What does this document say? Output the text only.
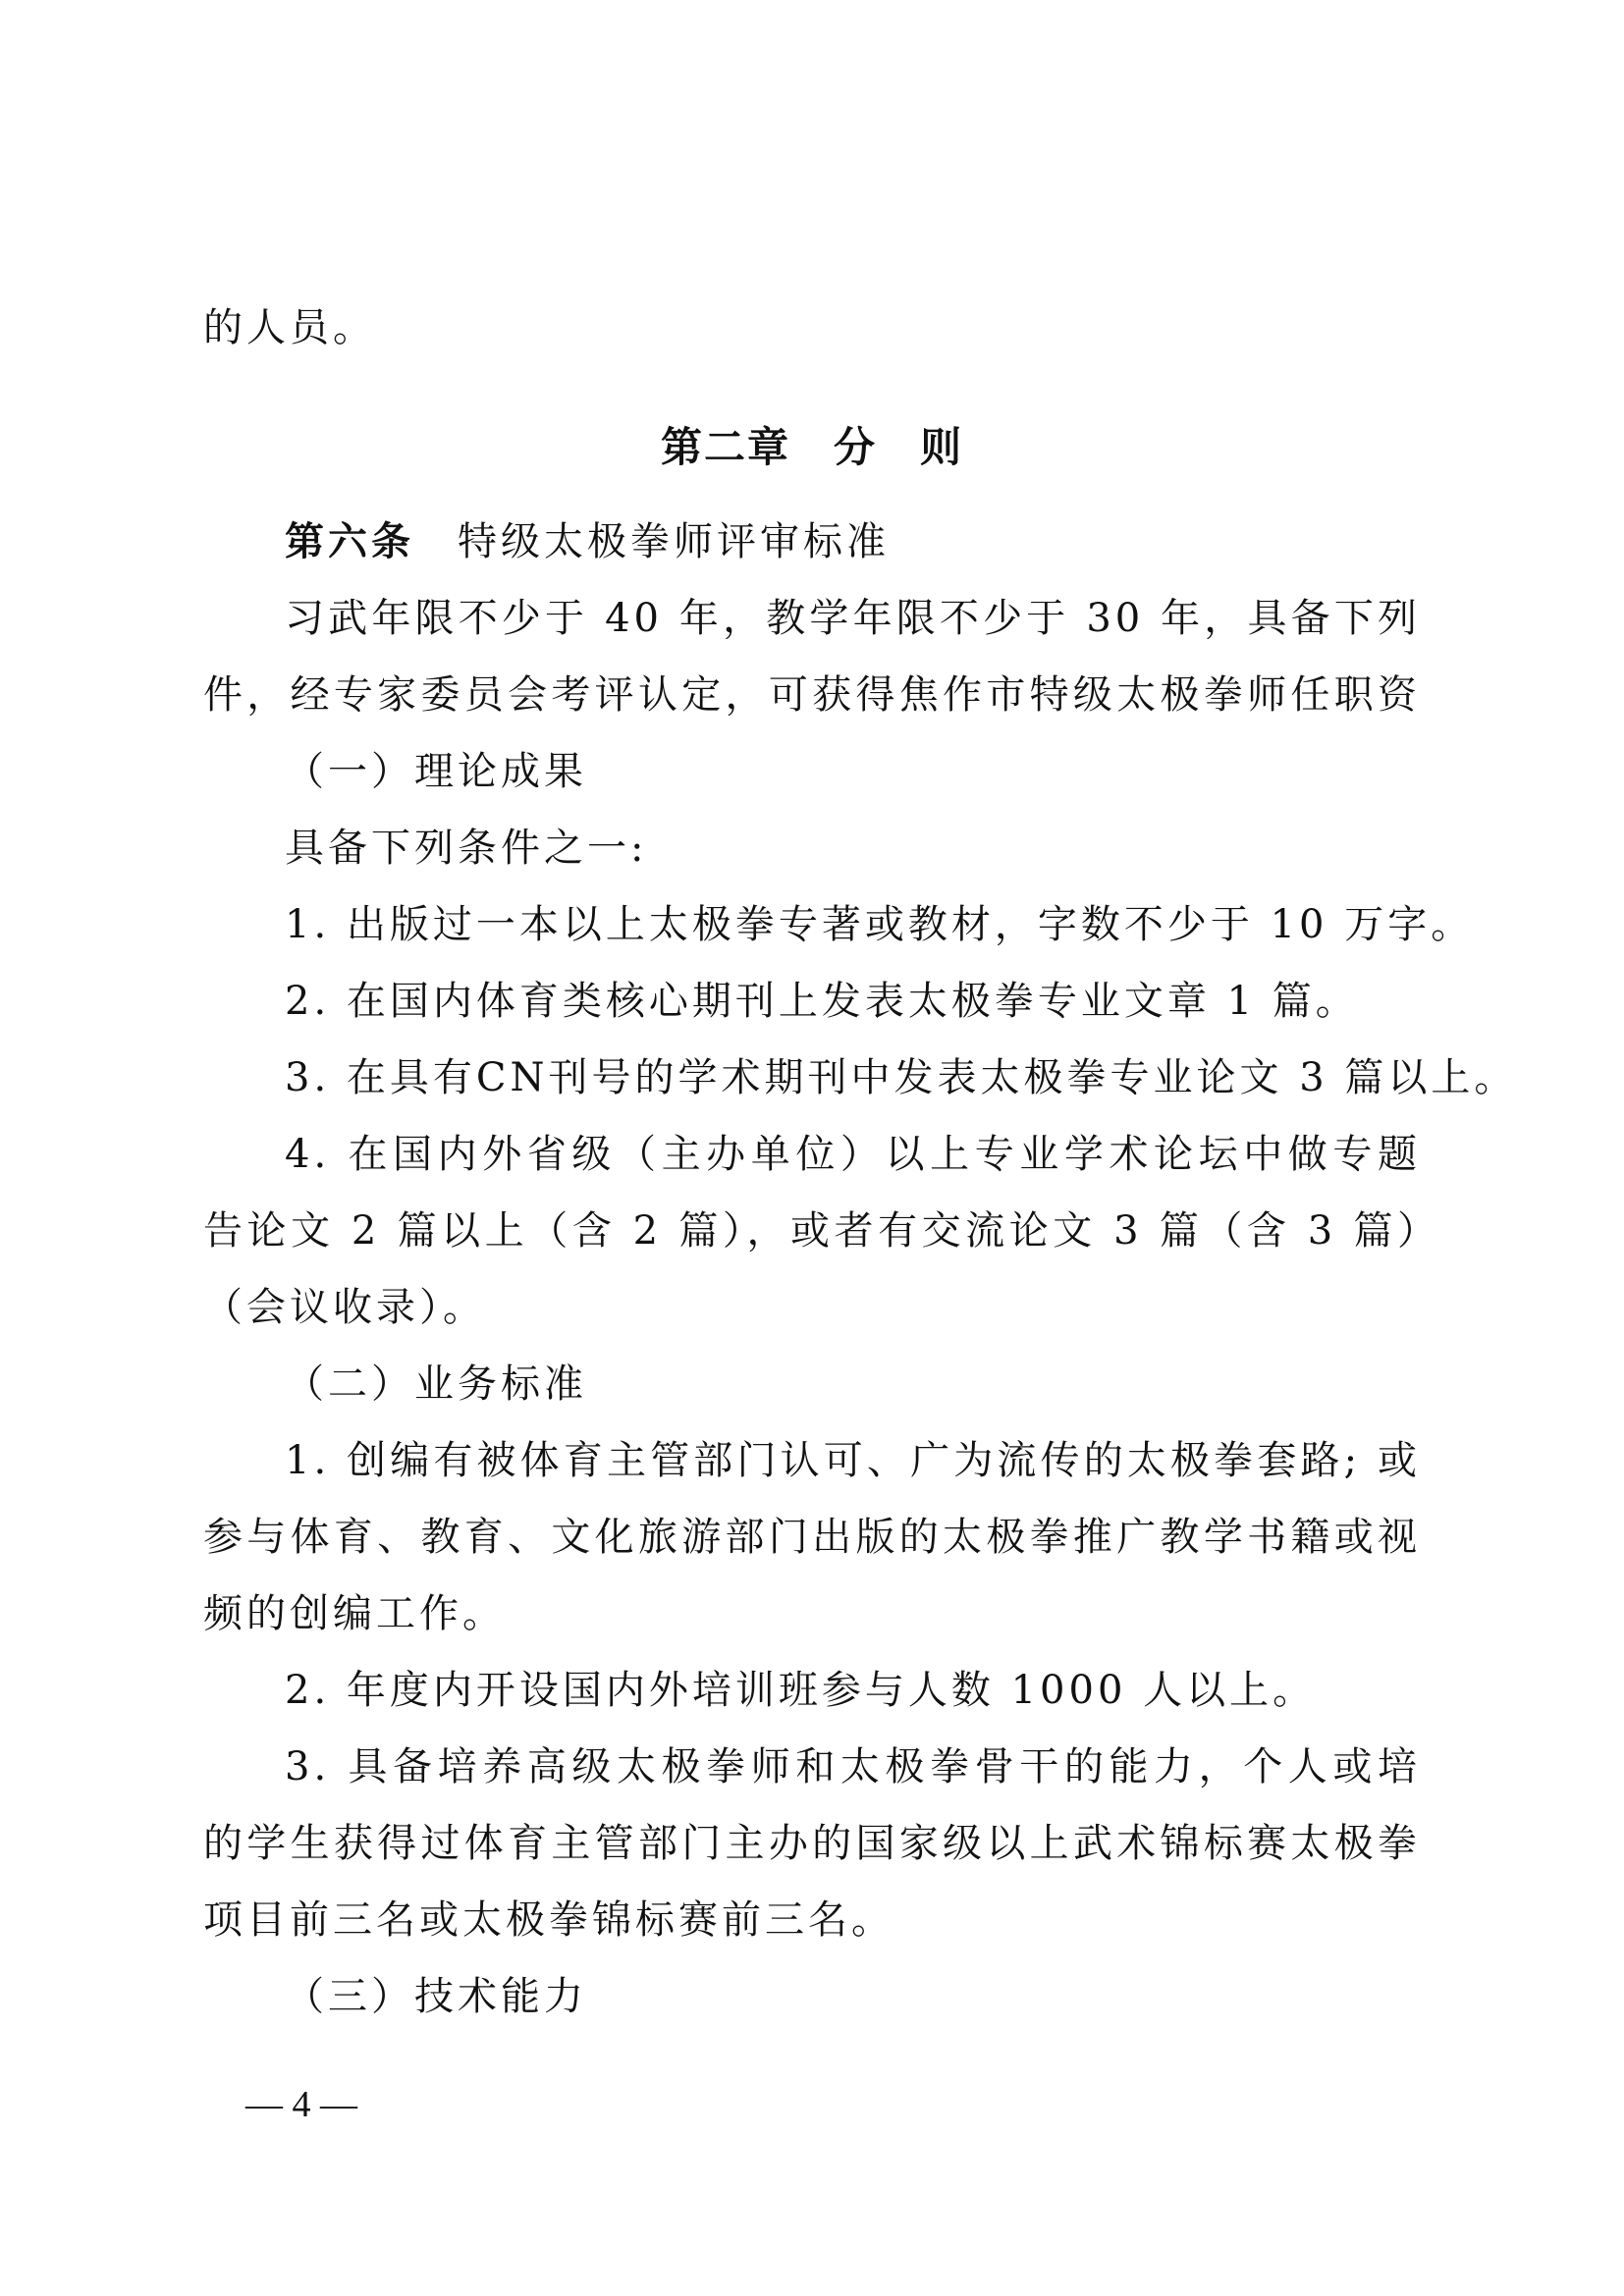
的人员。
第二章　分　则
第六条　 特级太极拳师评审标准
习武年限不少于 40 年，教学年限不少于 30 年，具备下列
件，经专家委员会考评认定，可获得焦作市特级太极拳师任职资
（一）理论成果
具备下列条件之一:
1. 出版过一本以上太极拳专著或教材，字数不少于 10 万字。
2. 在国内体育类核心期刊上发表太极拳专业文章 1 篇。
3. 在具有CN刊号的学术期刊中发表太极拳专业论文 3 篇以上。
4. 在国内外省级（主办单位）以上专业学术论坛中做专题
告论文 2 篇以上（含 2 篇），或者有交流论文 3 篇（含 3 篇）
（会议收录）。
（二）业务标准
1. 创编有被体育主管部门认可、广为流传的太极拳套路; 或
参与体育、教育、文化旅游部门出版的太极拳推广教学书籍或视
频的创编工作。
2. 年度内开设国内外培训班参与人数 1000 人以上。
3. 具备培养高级太极拳师和太极拳骨干的能力，个人或培
的学生获得过体育主管部门主办的国家级以上武术锦标赛太极拳
项目前三名或太极拳锦标赛前三名。
（三）技术能力
— 4 —
